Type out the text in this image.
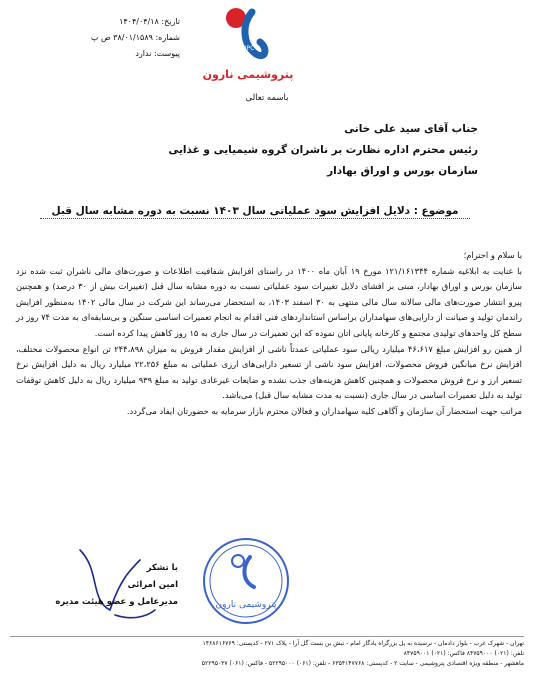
تاریخ: ۱۴۰۴/۰۴/۱۸
شماره: ۳۸/۰۱/۱۵۸۹ ص پ
پیوست: ندارد
NPC
پتروشیمی نارون
باسمه تعالی
جناب آقای سید علی خانی
رئیس محترم اداره نظارت بر ناشران گروه شیمیایی و غذایی
سازمان بورس و اوراق بهادار
موضوع : دلایل افزایش سود عملیاتی سال ۱۴۰۳ نسبت به دوره مشابه سال قبل

با سلام و احترام؛

با عنایت به ابلاغیه شماره ۱۲۱/۱۶۱۳۴۴ مورخ ۱۹ آبان ماه ۱۴۰۰ در راستای افزایش شفافیت اطلاعات و صورت‌های مالی ناشران ثبت شده نزد سازمان بورس و اوراق بهادار، مبنی بر افشای دلایل تغییرات سود عملیاتی نسبت به دوره مشابه سال قبل (تغییرات بیش از ۳۰ درصد) و همچنین پیرو انتشار صورت‌های مالی سالانه سال مالی منتهی به ۳۰ اسفند ۱۴۰۳، به استحضار می‌رساند این شرکت در سال مالی ۱۴۰۲ به‌منظور افزایش راندمان تولید و صیانت از دارایی‌های سهامداران براساس استانداردهای فنی اقدام به انجام تعمیرات اساسی سنگین و بی‌سابقه‌ای به مدت ۷۴ روز در سطح کل واحدهای تولیدی مجتمع و کارخانه پایانی اتان نموده که این تعمیرات در سال جاری به ۱۵ روز کاهش پیدا کرده است.

از همین رو افزایش مبلغ ۴۶،۶۱۷ میلیارد ریالی سود عملیاتی عمدتاً ناشی از افزایش مقدار فروش به میزان ۲۴۴،۸۹۸ تن انواع محصولات مختلف، افزایش نرخ میانگین فروش محصولات، افزایش سود ناشی از تسعیر دارایی‌های ارزی عملیاتی به مبلغ ۲۲،۲۵۶ میلیارد ریال به دلیل افزایش نرخ تسعیر ارز و نرخ فروش محصولات و همچنین کاهش هزینه‌های جذب نشده و ضایعات غیرعادی تولید به مبلغ ۹۳۹ میلیارد ریال به دلیل کاهش توقفات تولید به دلیل تعمیرات اساسی در سال جاری (نسبت به مدت مشابه سال قبل) می‌باشد.

مراتب جهت استحضار آن سازمان و آگاهی کلیه سهامداران و فعالان محترم بازار سرمایه به حضورتان ایفاد می‌گردد.

پتروشیمی نارون
با تشکر
امین امرائی
مدیرعامل و عضو هیئت مدیره
تهران - شهرک غرب - بلوار دادمان - نرسیده به پل بزرگراه یادگار امام - نبش بن بست گل آرا - پلاک ۲۷۱ - کدپستی: ۱۴۶۸۶۱۶۷۶۹
تلفن: (۰۲۱) ۸۴۷۵۹۰۰۰ فاکس: (۰۲۱) ۸۴۷۵۹۰۰۱
ماهشهر - منطقه ویژه اقتصادی پتروشیمی - سایت ۲ - کدپستی: ۶۳۵۴۱۴۷۷۶۸ - تلفن: (۰۶۱) ۵۲۲۹۵۰۰۰ - فاکس: (۰۶۱) ۵۲۲۹۵۰۳۷
